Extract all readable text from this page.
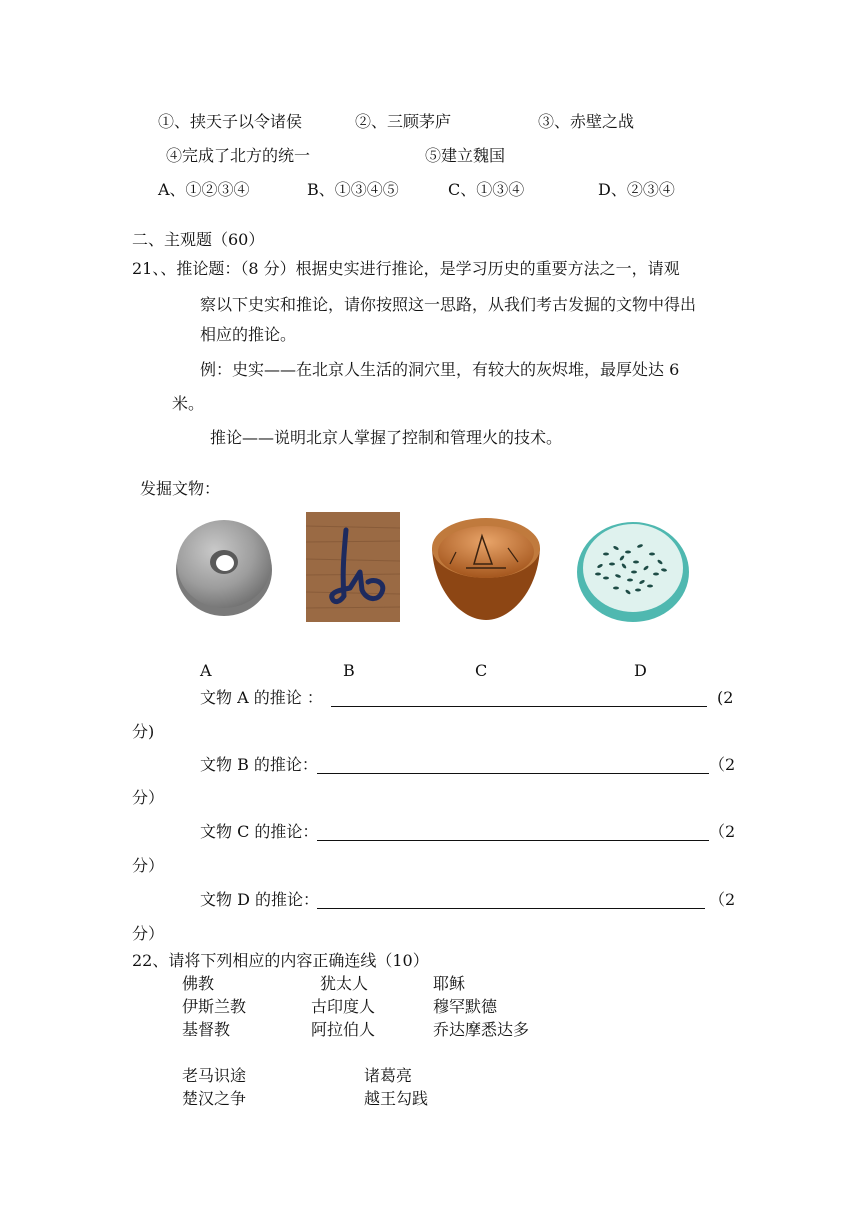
①、挟天子以令诸侯	②、三顾茅庐	③、赤壁之战
④完成了北方的统一	⑤建立魏国
A、①②③④	B、①③④⑤	C、①③④	D、②③④
二、主观题（60）
21、、推论题：（8 分）根据史实进行推论，是学习历史的重要方法之一，请观
察以下史实和推论，请你按照这一思路，从我们考古发掘的文物中得出
相应的推论。
例：史实——在北京人生活的洞穴里，有较大的灰烬堆，最厚处达 6
米。
推论——说明北京人掌握了控制和管理火的技术。
发掘文物：
A	B	C	D
文物 A 的推论 ：	(2
分)
文物 B 的推论：	（2
分）
文物 C 的推论：	（2
分）
文物 D 的推论：	（2
分）
22、请将下列相应的内容正确连线（10）
佛教	犹太人	耶稣
伊斯兰教	古印度人	穆罕默德
基督教	阿拉伯人	乔达摩悉达多
老马识途	诸葛亮
楚汉之争	越王勾践
